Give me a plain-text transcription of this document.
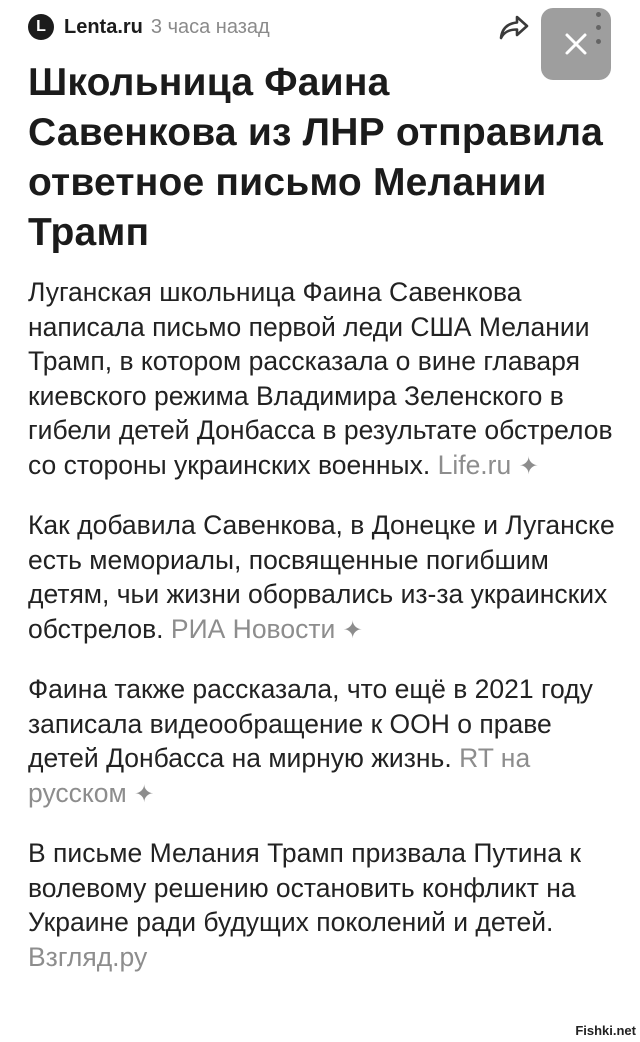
L Lenta.ru 3 часа назад
Школьница Фаина Савенкова из ЛНР отправила ответное письмо Мелании Трамп

Луганская школьница Фаина Савенкова написала письмо первой леди США Мелании Трамп, в котором рассказала о вине главаря киевского режима Владимира Зеленского в гибели детей Донбасса в результате обстрелов со стороны украинских военных. Life.ru ✦

Как добавила Савенкова, в Донецке и Луганске есть мемориалы, посвященные погибшим детям, чьи жизни оборвались из-за украинских обстрелов. РИА Новости ✦

Фаина также рассказала, что ещё в 2021 году записала видеообращение к ООН о праве детей Донбасса на мирную жизнь. RT на русском ✦

В письме Мелания Трамп призвала Путина к волевому решению остановить конфликт на Украине ради будущих поколений и детей. Взгляд.ру

Fishki.net
